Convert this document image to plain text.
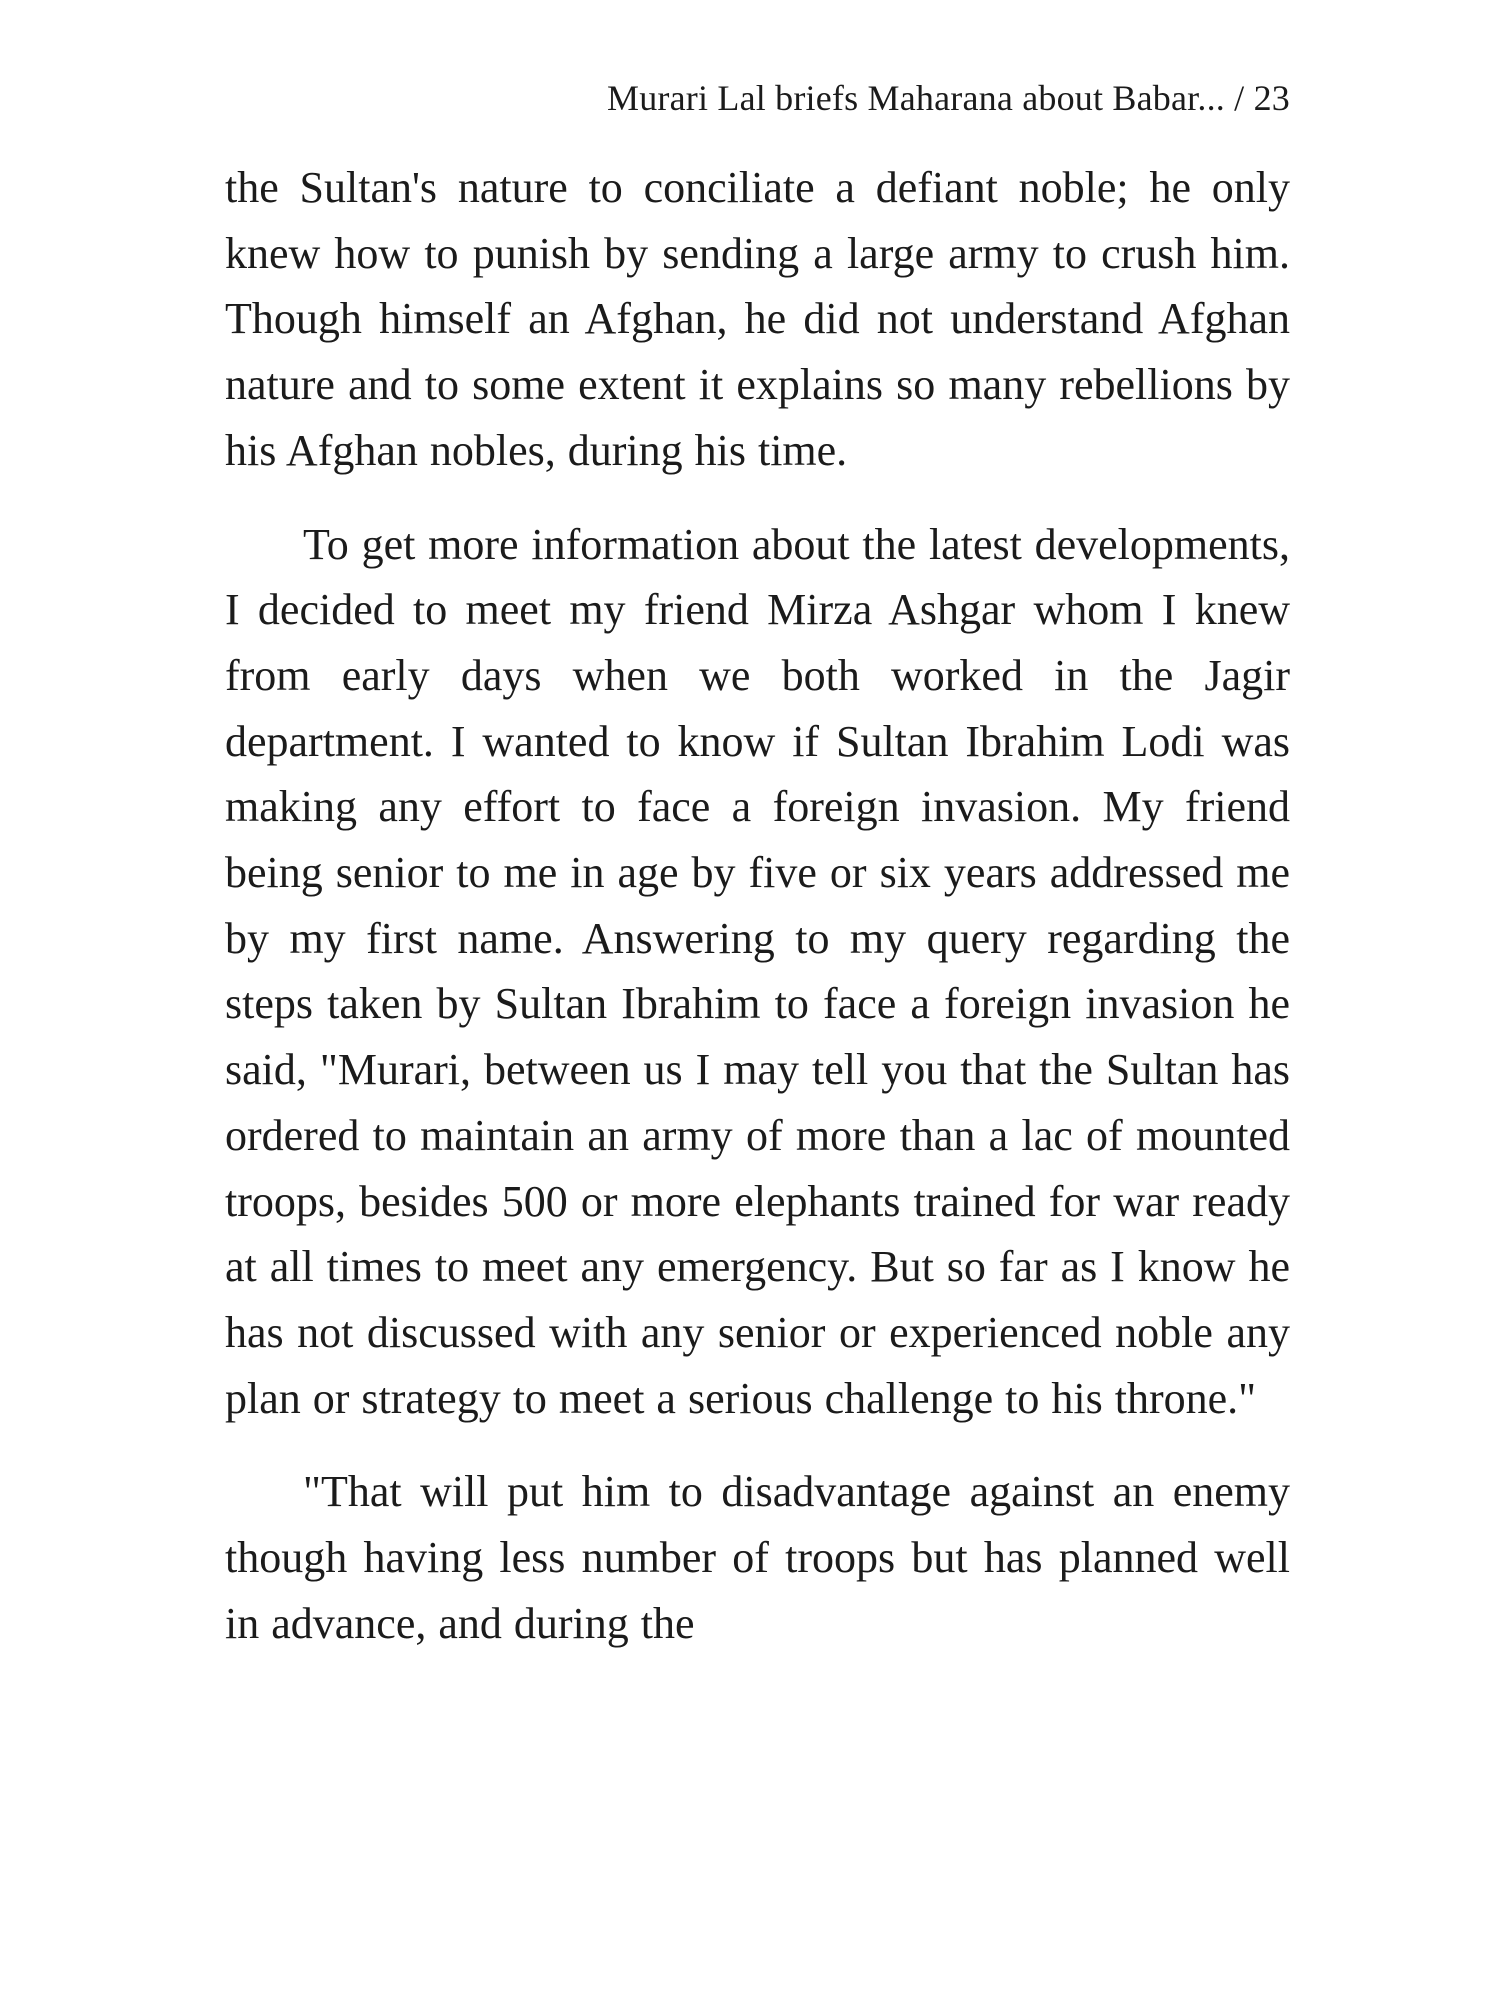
Murari Lal briefs Maharana about Babar... / 23

the Sultan's nature to conciliate a defiant noble; he only knew how to punish by sending a large army to crush him. Though himself an Afghan, he did not understand Afghan nature and to some extent it explains so many rebellions by his Afghan nobles, during his time.

To get more information about the latest developments, I decided to meet my friend Mirza Ashgar whom I knew from early days when we both worked in the Jagir department. I wanted to know if Sultan Ibrahim Lodi was making any effort to face a foreign invasion. My friend being senior to me in age by five or six years addressed me by my first name. Answering to my query regarding the steps taken by Sultan Ibrahim to face a foreign invasion he said, "Murari, between us I may tell you that the Sultan has ordered to maintain an army of more than a lac of mounted troops, besides 500 or more elephants trained for war ready at all times to meet any emergency. But so far as I know he has not discussed with any senior or experienced noble any plan or strategy to meet a serious challenge to his throne."

"That will put him to disadvantage against an enemy though having less number of troops but has planned well in advance, and during the
